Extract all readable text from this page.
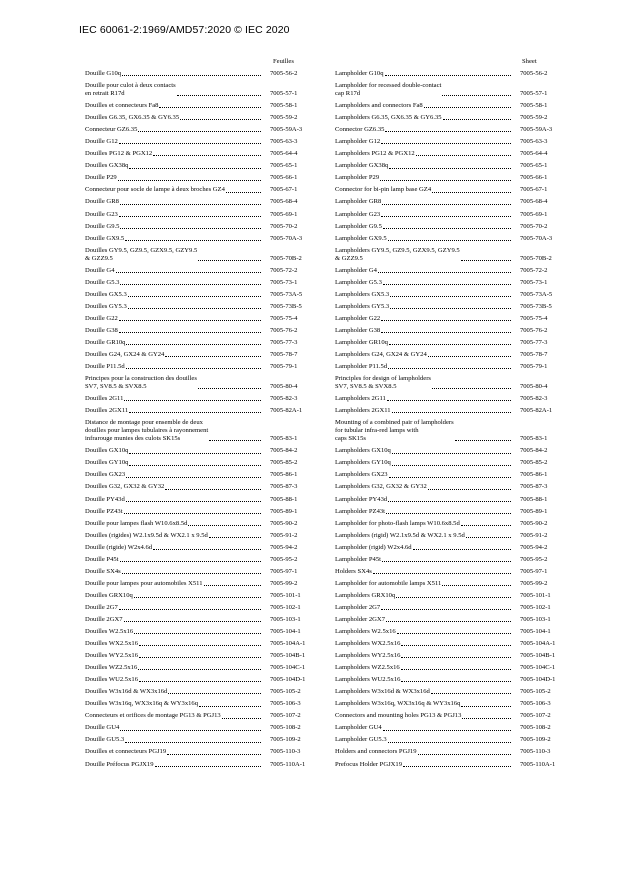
IEC 60061-2:1969/AMD57:2020 © IEC 2020
Feuilles
Douille G10q	7005-56-2
Douille pour culot à deux contacts
en retrait R17d	7005-57-1
Douilles et connecteurs Fa8	7005-58-1
Douilles G6.35, GX6.35 & GY6.35	7005-59-2
Connecteur GZ6.35	7005-59A-3
Douille G12	7005-63-3
Douilles PG12 & PGX12	7005-64-4
Douilles GX38q	7005-65-1
Douille P29	7005-66-1
Connecteur pour socle de lampe à deux broches GZ4	7005-67-1
Douille GR8	7005-68-4
Douille G23	7005-69-1
Douille G9.5	7005-70-2
Douille GX9.5	7005-70A-3
Douilles GY9.5, GZ9.5, GZX9.5, GZY9.5
& GZZ9.5	7005-70B-2
Douille G4	7005-72-2
Douille G5.3	7005-73-1
Douilles GX5.3	7005-73A-5
Douilles GY5.3	7005-73B-5
Douille G22	7005-75-4
Douille G38	7005-76-2
Douille GR10q	7005-77-3
Douilles G24, GX24 & GY24	7005-78-7
Douille P11.5d	7005-79-1
Principes pour la construction des douilles
SV7, SV8.5 & SVX8.5	7005-80-4
Douilles 2G11	7005-82-3
Douilles 2GX11	7005-82A-1
Distance de montage pour ensemble de deux
douilles pour lampes tubulaires à rayonnement
infrarouge munies des culots SK15s	7005-83-1
Douilles GX10q	7005-84-2
Douilles GY10q	7005-85-2
Douilles GX23	7005-86-1
Douilles G32, GX32 & GY32	7005-87-3
Douille PY43d	7005-88-1
Douille PZ43t	7005-89-1
Douille pour lampes flash W10.6x8.5d	7005-90-2
Douilles (rigides) W2.1x9.5d & WX2.1 x 9.5d	7005-91-2
Douille (rigide) W2x4.6d	7005-94-2
Douille P45t	7005-95-2
Douille SX4s	7005-97-1
Douille pour lampes pour automobiles X511	7005-99-2
Douilles GRX10q	7005-101-1
Douille 2G7	7005-102-1
Douille 2GX7	7005-103-1
Douilles W2.5x16	7005-104-1
Douilles WX2.5x16	7005-104A-1
Douilles WY2.5x16	7005-104B-1
Douilles WZ2.5x16	7005-104C-1
Douilles WU2.5x16	7005-104D-1
Douilles W3x16d & WX3x16d	7005-105-2
Douilles W3x16q, WX3x16q & WY3x16q	7005-106-3
Connecteurs et orifices de montage PG13 & PGJ13	7005-107-2
Douille GU4	7005-108-2
Douille GU5.3	7005-109-2
Douilles et connecteurs PGJ19	7005-110-3
Douille Préfocus PGJX19	7005-110A-1
Sheet
Lampholder G10q	7005-56-2
Lampholder for recessed double-contact
cap R17d	7005-57-1
Lampholders and connectors Fa8	7005-58-1
Lampholders G6.35, GX6.35 & GY6.35	7005-59-2
Connector GZ6.35	7005-59A-3
Lampholder G12	7005-63-3
Lampholders PG12 & PGX12	7005-64-4
Lampholder GX38q	7005-65-1
Lampholder P29	7005-66-1
Connector for bi-pin lamp base GZ4	7005-67-1
Lampholder GR8	7005-68-4
Lampholder G23	7005-69-1
Lampholder G9.5	7005-70-2
Lampholder GX9.5	7005-70A-3
Lampholders GY9.5, GZ9.5, GZX9.5, GZY9.5
& GZZ9.5	7005-70B-2
Lampholder G4	7005-72-2
Lampholder G5.3	7005-73-1
Lampholders GX5.3	7005-73A-5
Lampholders GY5.3	7005-73B-5
Lampholder G22	7005-75-4
Lampholder G38	7005-76-2
Lampholder GR10q	7005-77-3
Lampholders G24, GX24 & GY24	7005-78-7
Lampholder P11.5d	7005-79-1
Principles for design of lampholders
SV7, SV8.5 & SVX8.5	7005-80-4
Lampholders 2G11	7005-82-3
Lampholders 2GX11	7005-82A-1
Mounting of a combined pair of lampholders
for tubular infra-red lamps with
caps SK15s	7005-83-1
Lampholders GX10q	7005-84-2
Lampholders GY10q	7005-85-2
Lampholders GX23	7005-86-1
Lampholders G32, GX32 & GY32	7005-87-3
Lampholder PY43d	7005-88-1
Lampholder PZ43t	7005-89-1
Lampholder for photo-flash lamps W10.6x8.5d	7005-90-2
Lampholders (rigid) W2.1x9.5d & WX2.1 x 9.5d	7005-91-2
Lampholder (rigid) W2x4.6d	7005-94-2
Lampholder P45t	7005-95-2
Holders SX4s	7005-97-1
Lampholder for automobile lamps X511	7005-99-2
Lampholders GRX10q	7005-101-1
Lampholder 2G7	7005-102-1
Lampholder 2GX7	7005-103-1
Lampholders W2.5x16	7005-104-1
Lampholders WX2.5x16	7005-104A-1
Lampholders WY2.5x16	7005-104B-1
Lampholders WZ2.5x16	7005-104C-1
Lampholders WU2.5x16	7005-104D-1
Lampholders W3x16d & WX3x16d	7005-105-2
Lampholders W3x16q, WX3x16q & WY3x16q	7005-106-3
Connectors and mounting holes PG13 & PGJ13	7005-107-2
Lampholder GU4	7005-108-2
Lampholder GU5.3	7005-109-2
Holders and connectors PGJ19	7005-110-3
Prefocus Holder PGJX19	7005-110A-1
